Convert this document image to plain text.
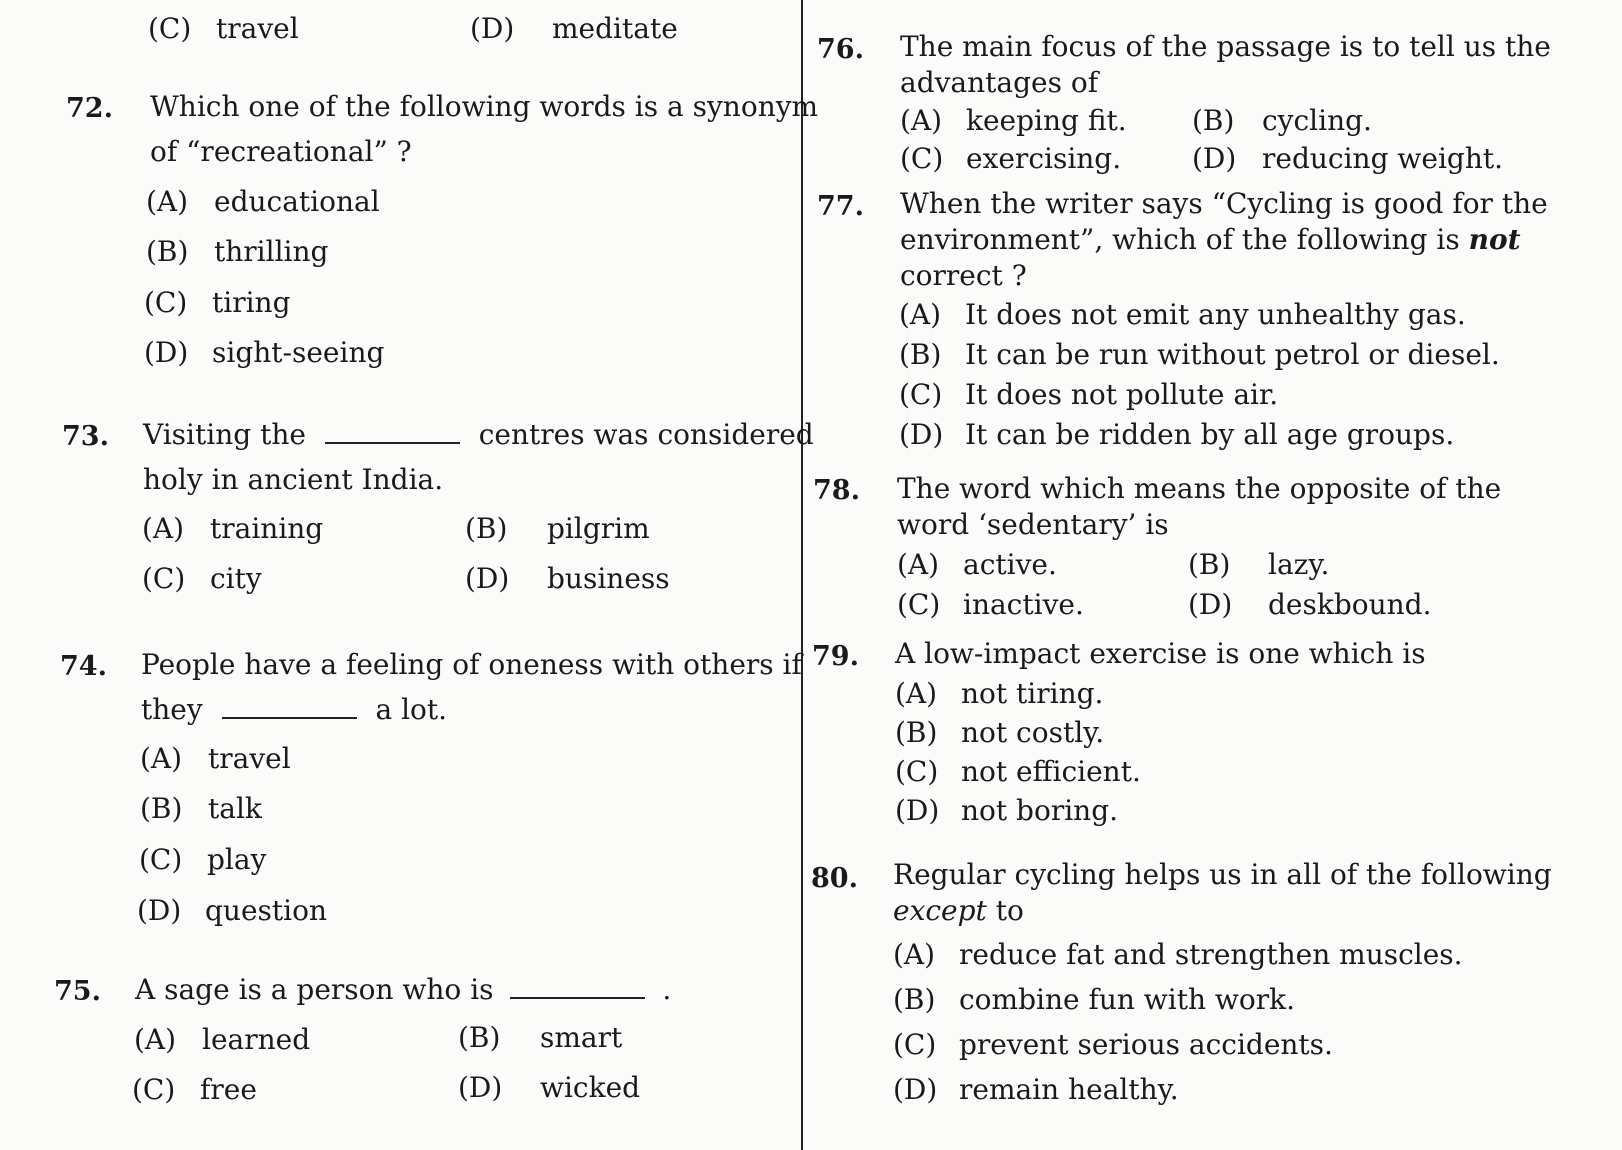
(C) travel	(D) meditate
72. Which one of the following words is a synonym
of “recreational” ?
(A) educational
(B) thrilling
(C) tiring
(D) sight-seeing
73. Visiting the	centres was considered
holy in ancient India.
(A) training	(B) pilgrim
(C) city	(D) business
74. People have a feeling of oneness with others if
they	a lot.
(A) travel
(B) talk
(C) play
(D) question
75. A sage is a person who is	.
(A) learned	(B) smart
(C) free	(D) wicked
76. The main focus of the passage is to tell us the
advantages of
(A) keeping fit. (B) cycling.
(C) exercising.	(D) reducing weight.
77. When the writer says “Cycling is good for the
environment”, which of the following is not
correct ?
(A) It does not emit any unhealthy gas.
(B) It can be run without petrol or diesel.
(C) It does not pollute air.
(D) It can be ridden by all age groups.
78. The word which means the opposite of the
word ‘sedentary’ is
(A) active.	(B) lazy.
(C) inactive.	(D) deskbound.
79. A low-impact exercise is one which is
(A) not tiring.
(B) not costly.
(C) not efficient.
(D) not boring.
80. Regular cycling helps us in all of the following
except to
(A) reduce fat and strengthen muscles.
(B) combine fun with work.
(C) prevent serious accidents.
(D) remain healthy.
